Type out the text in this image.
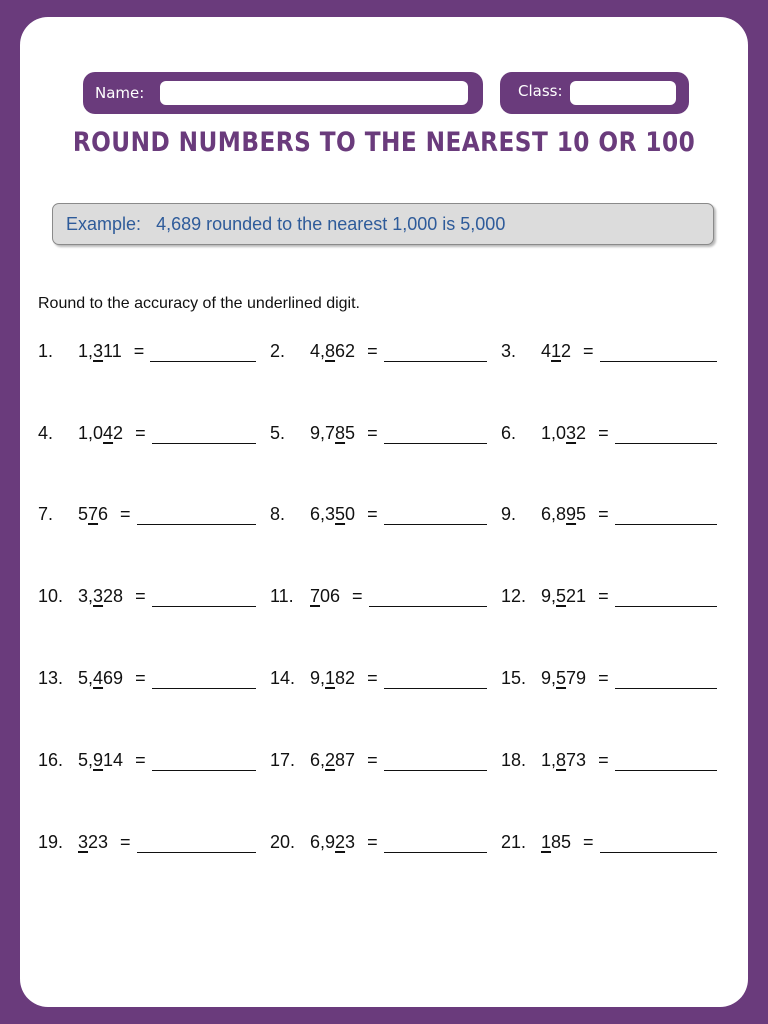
Name:	Class:
ROUND NUMBERS TO THE NEAREST 10 OR 100
Example: 4,689 rounded to the nearest 1,000 is 5,000
Round to the accuracy of the underlined digit.
1.	1,311 =	2.	4,862 =	3.	412 =
4.	1,042 =	5.	9,785 =	6.	1,032 =
7.	576 =	8.	6,350 =	9.	6,895 =
10. 3,328 =	11. 706 =	12. 9,521 =
13. 5,469 =	14. 9,182 =	15. 9,579 =
16. 5,914 =	17. 6,287 =	18. 1,873 =
19. 323 =	20. 6,923 =	21. 185 =
